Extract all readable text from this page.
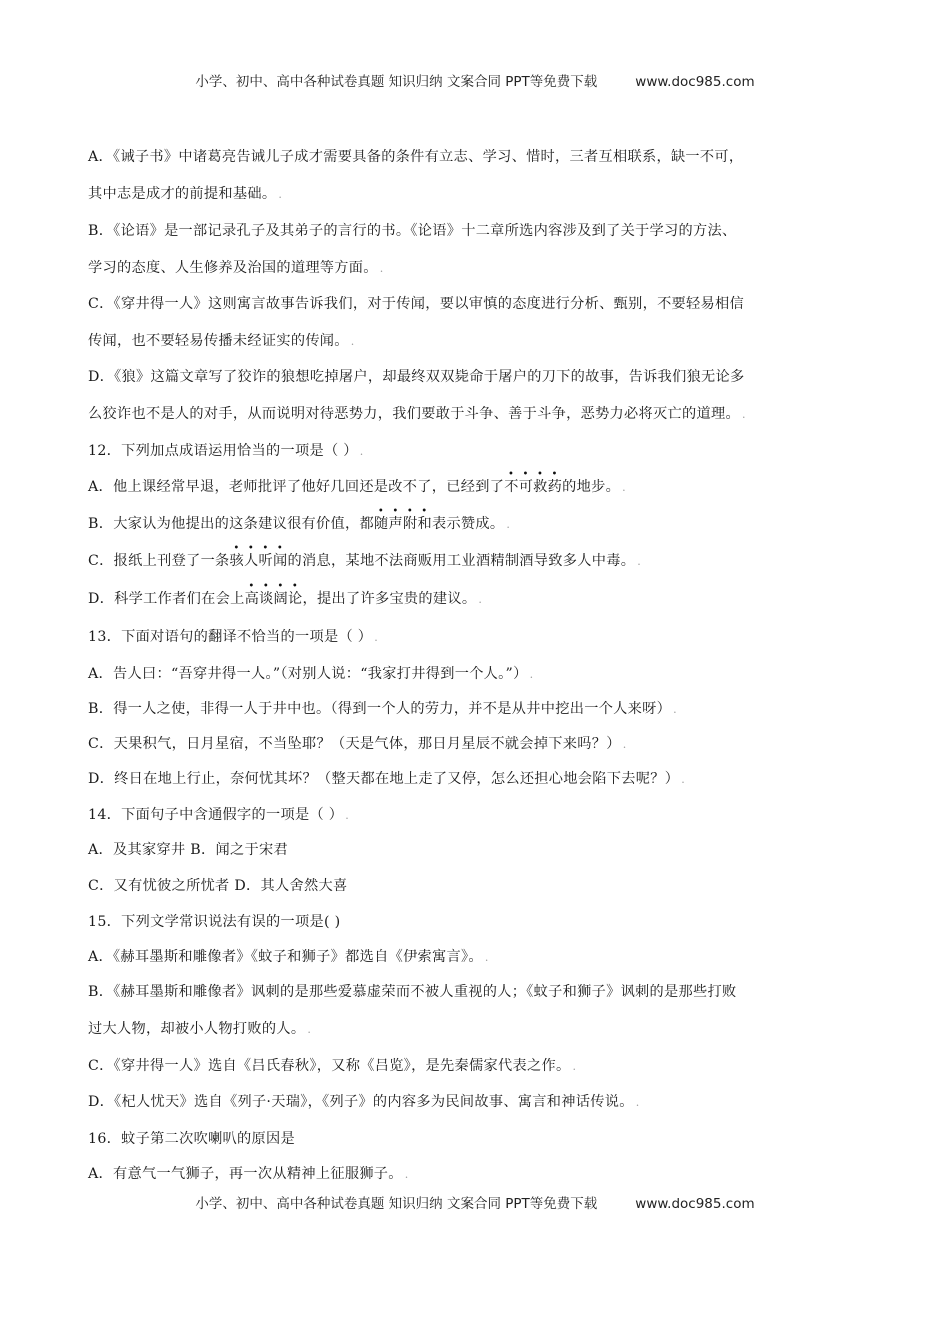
小学、初中、高中各种试卷真题 知识归纳 文案合同 PPT等免费下载	www.doc985.com
A．《诫子书》中诸葛亮告诫儿子成才需要具备的条件有立志、学习、惜时，三者互相联系，缺一不可，
其中志是成才的前提和基础。 .
B．《论语》是一部记录孔子及其弟子的言行的书。《论语》十二章所选内容涉及到了关于学习的方法、
学习的态度、人生修养及治国的道理等方面。 .
C．《穿井得一人》这则寓言故事告诉我们，对于传闻，要以审慎的态度进行分析、甄别，不要轻易相信
传闻，也不要轻易传播未经证实的传闻。 .
D．《狼》这篇文章写了狡诈的狼想吃掉屠户，却最终双双毙命于屠户的刀下的故事，告诉我们狼无论多
么狡诈也不是人的对手，从而说明对待恶势力，我们要敢于斗争、善于斗争，恶势力必将灭亡的道理。 .
12．下列加点成语运用恰当的一项是（ ） .
A．他上课经常早退，老师批评了他好几回还是改不了，已经到了
• • • •
不可救药的地步。 .
B．大家认为他提出的这条建议很有价值，都
• • • •
随声附和表示赞成。 .
C．报纸上刊登了一条
• • • •
骇人听闻的消息，某地不法商贩用工业酒精制酒导致多人中毒。 .
D．科学工作者们在会上
• • • •
高谈阔论，提出了许多宝贵的建议。 .
13．下面对语句的翻译不恰当的一项是（ ） .
A．告人曰：“吾穿井得一人。”（对别人说：“我家打井得到一个人。”） .
B．得一人之使，非得一人于井中也。（得到一个人的劳力，并不是从井中挖出一个人来呀） .
C．天果积气，日月星宿，不当坠耶？（天是气体，那日月星辰不就会掉下来吗？） .
D．终日在地上行止，奈何忧其坏？（整天都在地上走了又停，怎么还担心地会陷下去呢？） .
14．下面句子中含通假字的一项是（ ） .
A．及其家穿井 B．闻之于宋君
C．又有忧彼之所忧者 D．其人舍然大喜
15．下列文学常识说法有误的一项是( )
A．《赫耳墨斯和雕像者》《蚊子和狮子》都选自《伊索寓言》。 .
B．《赫耳墨斯和雕像者》讽刺的是那些爱慕虚荣而不被人重视的人；《蚊子和狮子》讽刺的是那些打败
过大人物，却被小人物打败的人。 .
C．《穿井得一人》选自《吕氏春秋》，又称《吕览》，是先秦儒家代表之作。 .
D．《杞人忧天》选自《列子·天瑞》，《列子》的内容多为民间故事、寓言和神话传说。 .
16．蚊子第二次吹喇叭的原因是
A．有意气一气狮子，再一次从精神上征服狮子。 .
小学、初中、高中各种试卷真题 知识归纳 文案合同 PPT等免费下载	www.doc985.com
